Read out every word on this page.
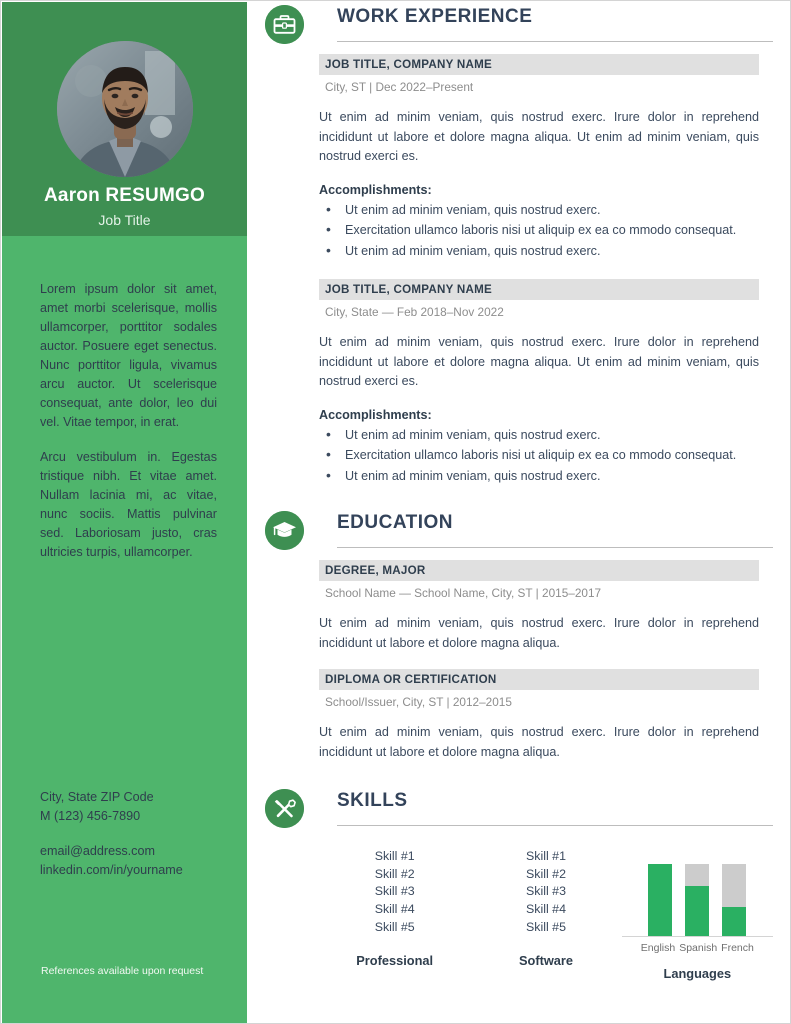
Aaron RESUMGO
Job Title

Lorem ipsum dolor sit amet, amet morbi scelerisque, mollis ullamcorper, porttitor sodales auctor. Posuere eget senectus. Nunc porttitor ligula, vivamus arcu auctor. Ut scelerisque consequat, ante dolor, leo dui vel. Vitae tempor, in erat.

Arcu vestibulum in. Egestas tristique nibh. Et vitae amet. Nullam lacinia mi, ac vitae, nunc sociis. Mattis pulvinar sed. Laboriosam justo, cras ultricies turpis, ullamcorper.

City, State ZIP Code
M (123) 456-7890
email@address.com
linkedin.com/in/yourname
References available upon request
WORK EXPERIENCE
JOB TITLE, COMPANY NAME
City, ST | Dec 2022–Present

Ut enim ad minim veniam, quis nostrud exerc. Irure dolor in reprehend incididunt ut labore et dolore magna aliqua. Ut enim ad minim veniam, quis nostrud exerci es.

Accomplishments:
• Ut enim ad minim veniam, quis nostrud exerc.
• Exercitation ullamco laboris nisi ut aliquip ex ea co mmodo consequat.
• Ut enim ad minim veniam, quis nostrud exerc.
JOB TITLE, COMPANY NAME
City, State — Feb 2018–Nov 2022

Ut enim ad minim veniam, quis nostrud exerc. Irure dolor in reprehend incididunt ut labore et dolore magna aliqua. Ut enim ad minim veniam, quis nostrud exerci es.

Accomplishments:
• Ut enim ad minim veniam, quis nostrud exerc.
• Exercitation ullamco laboris nisi ut aliquip ex ea co mmodo consequat.
• Ut enim ad minim veniam, quis nostrud exerc.
EDUCATION
DEGREE, MAJOR
School Name — School Name, City, ST | 2015–2017

Ut enim ad minim veniam, quis nostrud exerc. Irure dolor in reprehend incididunt ut labore et dolore magna aliqua.

DIPLOMA OR CERTIFICATION
School/Issuer, City, ST | 2012–2015

Ut enim ad minim veniam, quis nostrud exerc. Irure dolor in reprehend incididunt ut labore et dolore magna aliqua.

SKILLS
Skill #1
Skill #2
Skill #3
Skill #4
Skill #5
Professional
Skill #1
Skill #2
Skill #3
Skill #4
Skill #5
Software
English Spanish French
Languages
